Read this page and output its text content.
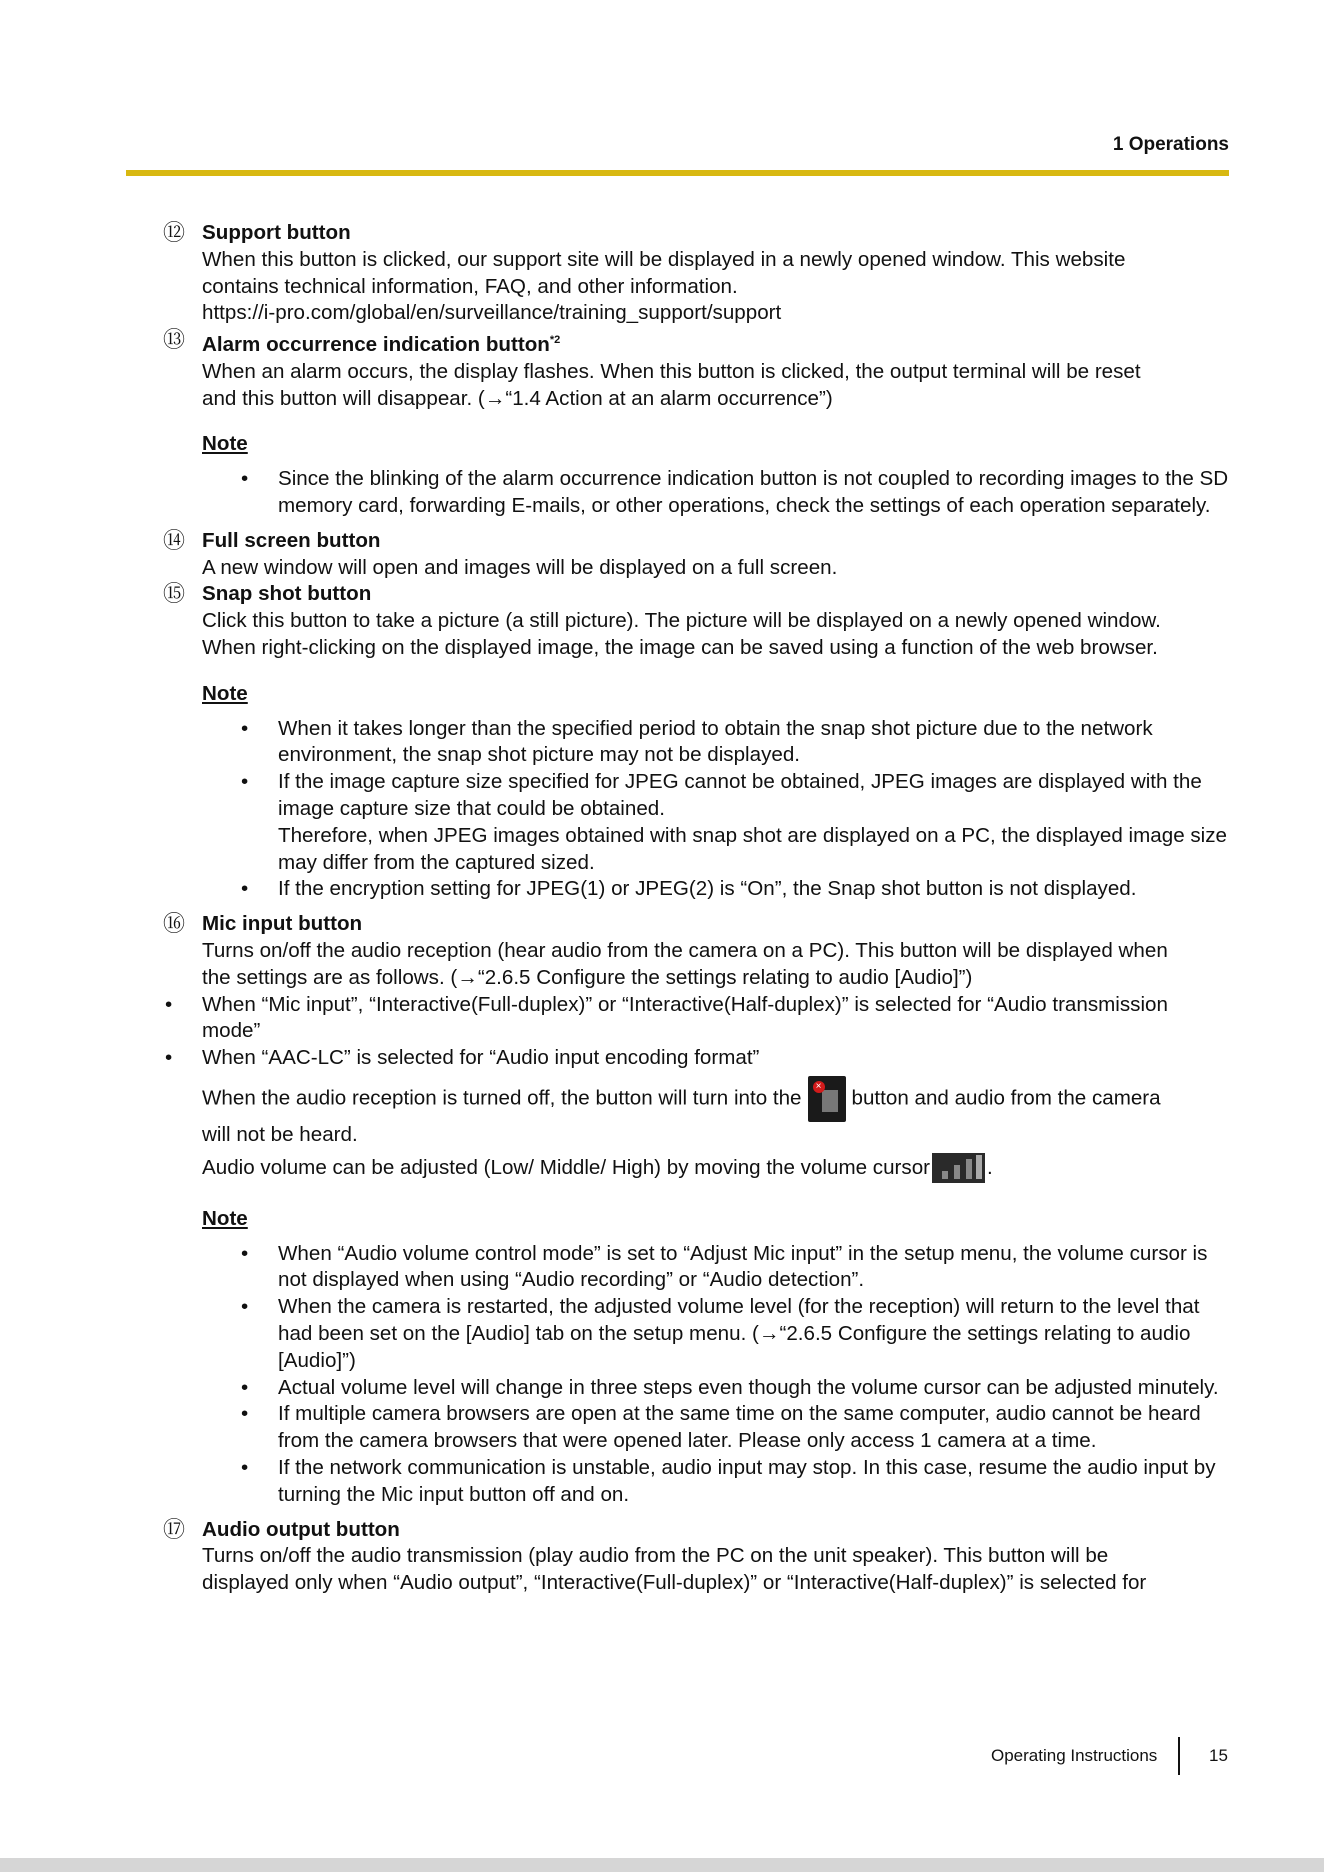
1 Operations
⑫ Support button
When this button is clicked, our support site will be displayed in a newly opened window. This website
contains technical information, FAQ, and other information.
https://i-pro.com/global/en/surveillance/training_support/support
⑬ Alarm occurrence indication button$^{*2}$
When an alarm occurs, the display flashes. When this button is clicked, the output terminal will be reset
and this button will disappear. (→“1.4 Action at an alarm occurrence”)
Note
• Since the blinking of the alarm occurrence indication button is not coupled to recording images to the SD memory card, forwarding E-mails, or other operations, check the settings of each operation separately.
⑭ Full screen button
A new window will open and images will be displayed on a full screen.
⑮ Snap shot button
Click this button to take a picture (a still picture). The picture will be displayed on a newly opened window.
When right-clicking on the displayed image, the image can be saved using a function of the web browser.
Note
• When it takes longer than the specified period to obtain the snap shot picture due to the network environment, the snap shot picture may not be displayed.
• If the image capture size specified for JPEG cannot be obtained, JPEG images are displayed with the image capture size that could be obtained.
Therefore, when JPEG images obtained with snap shot are displayed on a PC, the displayed image size may differ from the captured sized.
• If the encryption setting for JPEG(1) or JPEG(2) is “On”, the Snap shot button is not displayed.
⑯ Mic input button
Turns on/off the audio reception (hear audio from the camera on a PC). This button will be displayed when
the settings are as follows. (→“2.6.5 Configure the settings relating to audio [Audio]”)
• When “Mic input”, “Interactive(Full-duplex)” or “Interactive(Half-duplex)” is selected for “Audio transmission mode”
• When “AAC-LC” is selected for “Audio input encoding format”
When the audio reception is turned off, the button will turn into the	× button and audio from the camera
will not be heard.
Audio volume can be adjusted (Low/ Middle/ High) by moving the volume cursor	.
Note
• When “Audio volume control mode” is set to “Adjust Mic input” in the setup menu, the volume cursor is not displayed when using “Audio recording” or “Audio detection”.
• When the camera is restarted, the adjusted volume level (for the reception) will return to the level that had been set on the [Audio] tab on the setup menu. (→“2.6.5 Configure the settings relating to audio [Audio]”)
• Actual volume level will change in three steps even though the volume cursor can be adjusted minutely.
• If multiple camera browsers are open at the same time on the same computer, audio cannot be heard from the camera browsers that were opened later. Please only access 1 camera at a time.
• If the network communication is unstable, audio input may stop. In this case, resume the audio input by turning the Mic input button off and on.
⑰ Audio output button
Turns on/off the audio transmission (play audio from the PC on the unit speaker). This button will be
displayed only when “Audio output”, “Interactive(Full-duplex)” or “Interactive(Half-duplex)” is selected for
Operating Instructions	15
